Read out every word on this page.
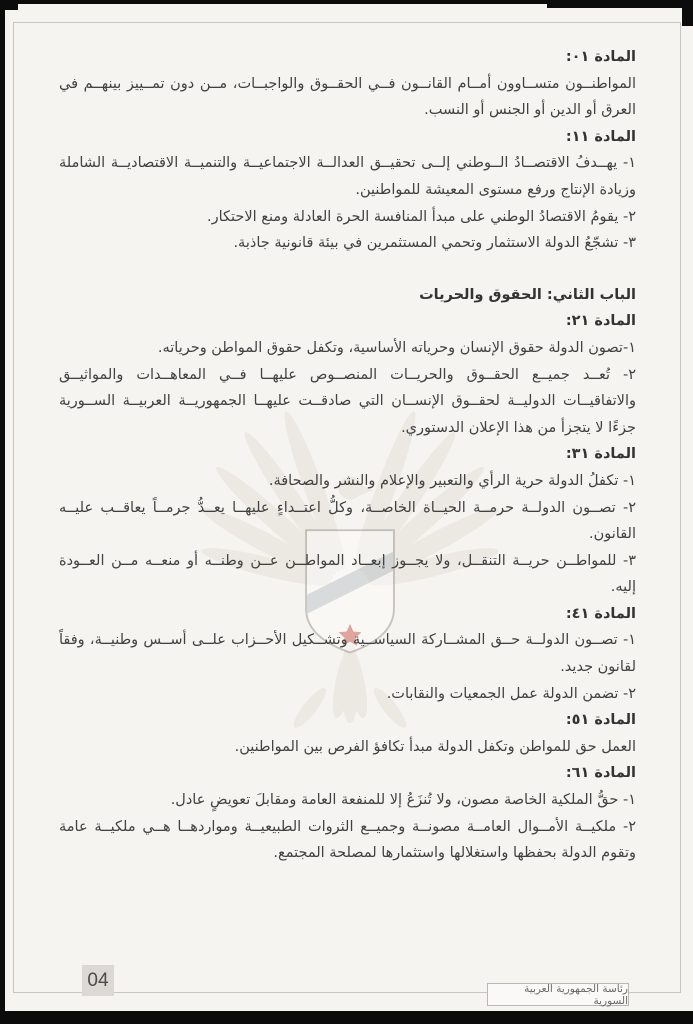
المادة ٠١:

المواطنــون متســاوون أمــام القانــون فــي الحقــوق والواجبــات، مــن دون تمــييز بينهــم في العرق أو الدين أو الجنس أو النسب.

المادة ١١:

١- يهــدفُ الاقتصــادُ الــوطني إلــى تحقيــق العدالــة الاجتماعيــة والتنميــة الاقتصاديــة الشاملة وزيادة الإنتاج ورفع مستوى المعيشة للمواطنين.

٢- يقومُ الاقتصادُ الوطني على مبدأ المنافسة الحرة العادلة ومنع الاحتكار.

٣- تشجّعُ الدولة الاستثمار وتحمي المستثمرين في بيئة قانونية جاذبة.

الباب الثاني: الحقوق والحريات

المادة ٢١:

١-تصون الدولة حقوق الإنسان وحرياته الأساسية، وتكفل حقوق المواطن وحرياته.

٢- تُعــد جميــع الحقــوق والحريــات المنصــوص عليهــا فــي المعاهــدات والمواثيــق والاتفاقيــات الدوليــة لحقــوق الإنســان التي صادقــت عليهــا الجمهوريــة العربيــة الســورية جزءًا لا يتجزأ من هذا الإعلان الدستوري.

المادة ٣١:

١- تكفلُ الدولة حرية الرأي والتعبير والإعلام والنشر والصحافة.

٢- تصــون الدولــة حرمــة الحيــاة الخاصــة، وكلُّ اعتــداءٍ عليهــا يعــدُّ جرمــاً يعاقــب عليــه القانون.

٣- للمواطــن حريــة التنقــل، ولا يجــوز إبعــاد المواطــن عــن وطنــه أو منعــه مــن العــودة إليه.

المادة ٤١:

١- تصــون الدولــة حــق المشــاركة السياســية وتشــكيل الأحــزاب علــى أســس وطنيــة، وفقاً لقانون جديد.

٢- تضمن الدولة عمل الجمعيات والنقابات.

المادة ٥١:

العمل حق للمواطن وتكفل الدولة مبدأ تكافؤ الفرص بين المواطنين.

المادة ٦١:

١- حقُّ الملكية الخاصة مصون، ولا تُنزَعُ إلا للمنفعة العامة ومقابلَ تعويضٍ عادل.

٢- ملكيــة الأمــوال العامــة مصونــة وجميــع الثروات الطبيعيــة ومواردهــا هــي ملكيــة عامة وتقوم الدولة بحفظها واستغلالها واستثمارها لمصلحة المجتمع.

04	رئاسة الجمهورية العربية السورية
